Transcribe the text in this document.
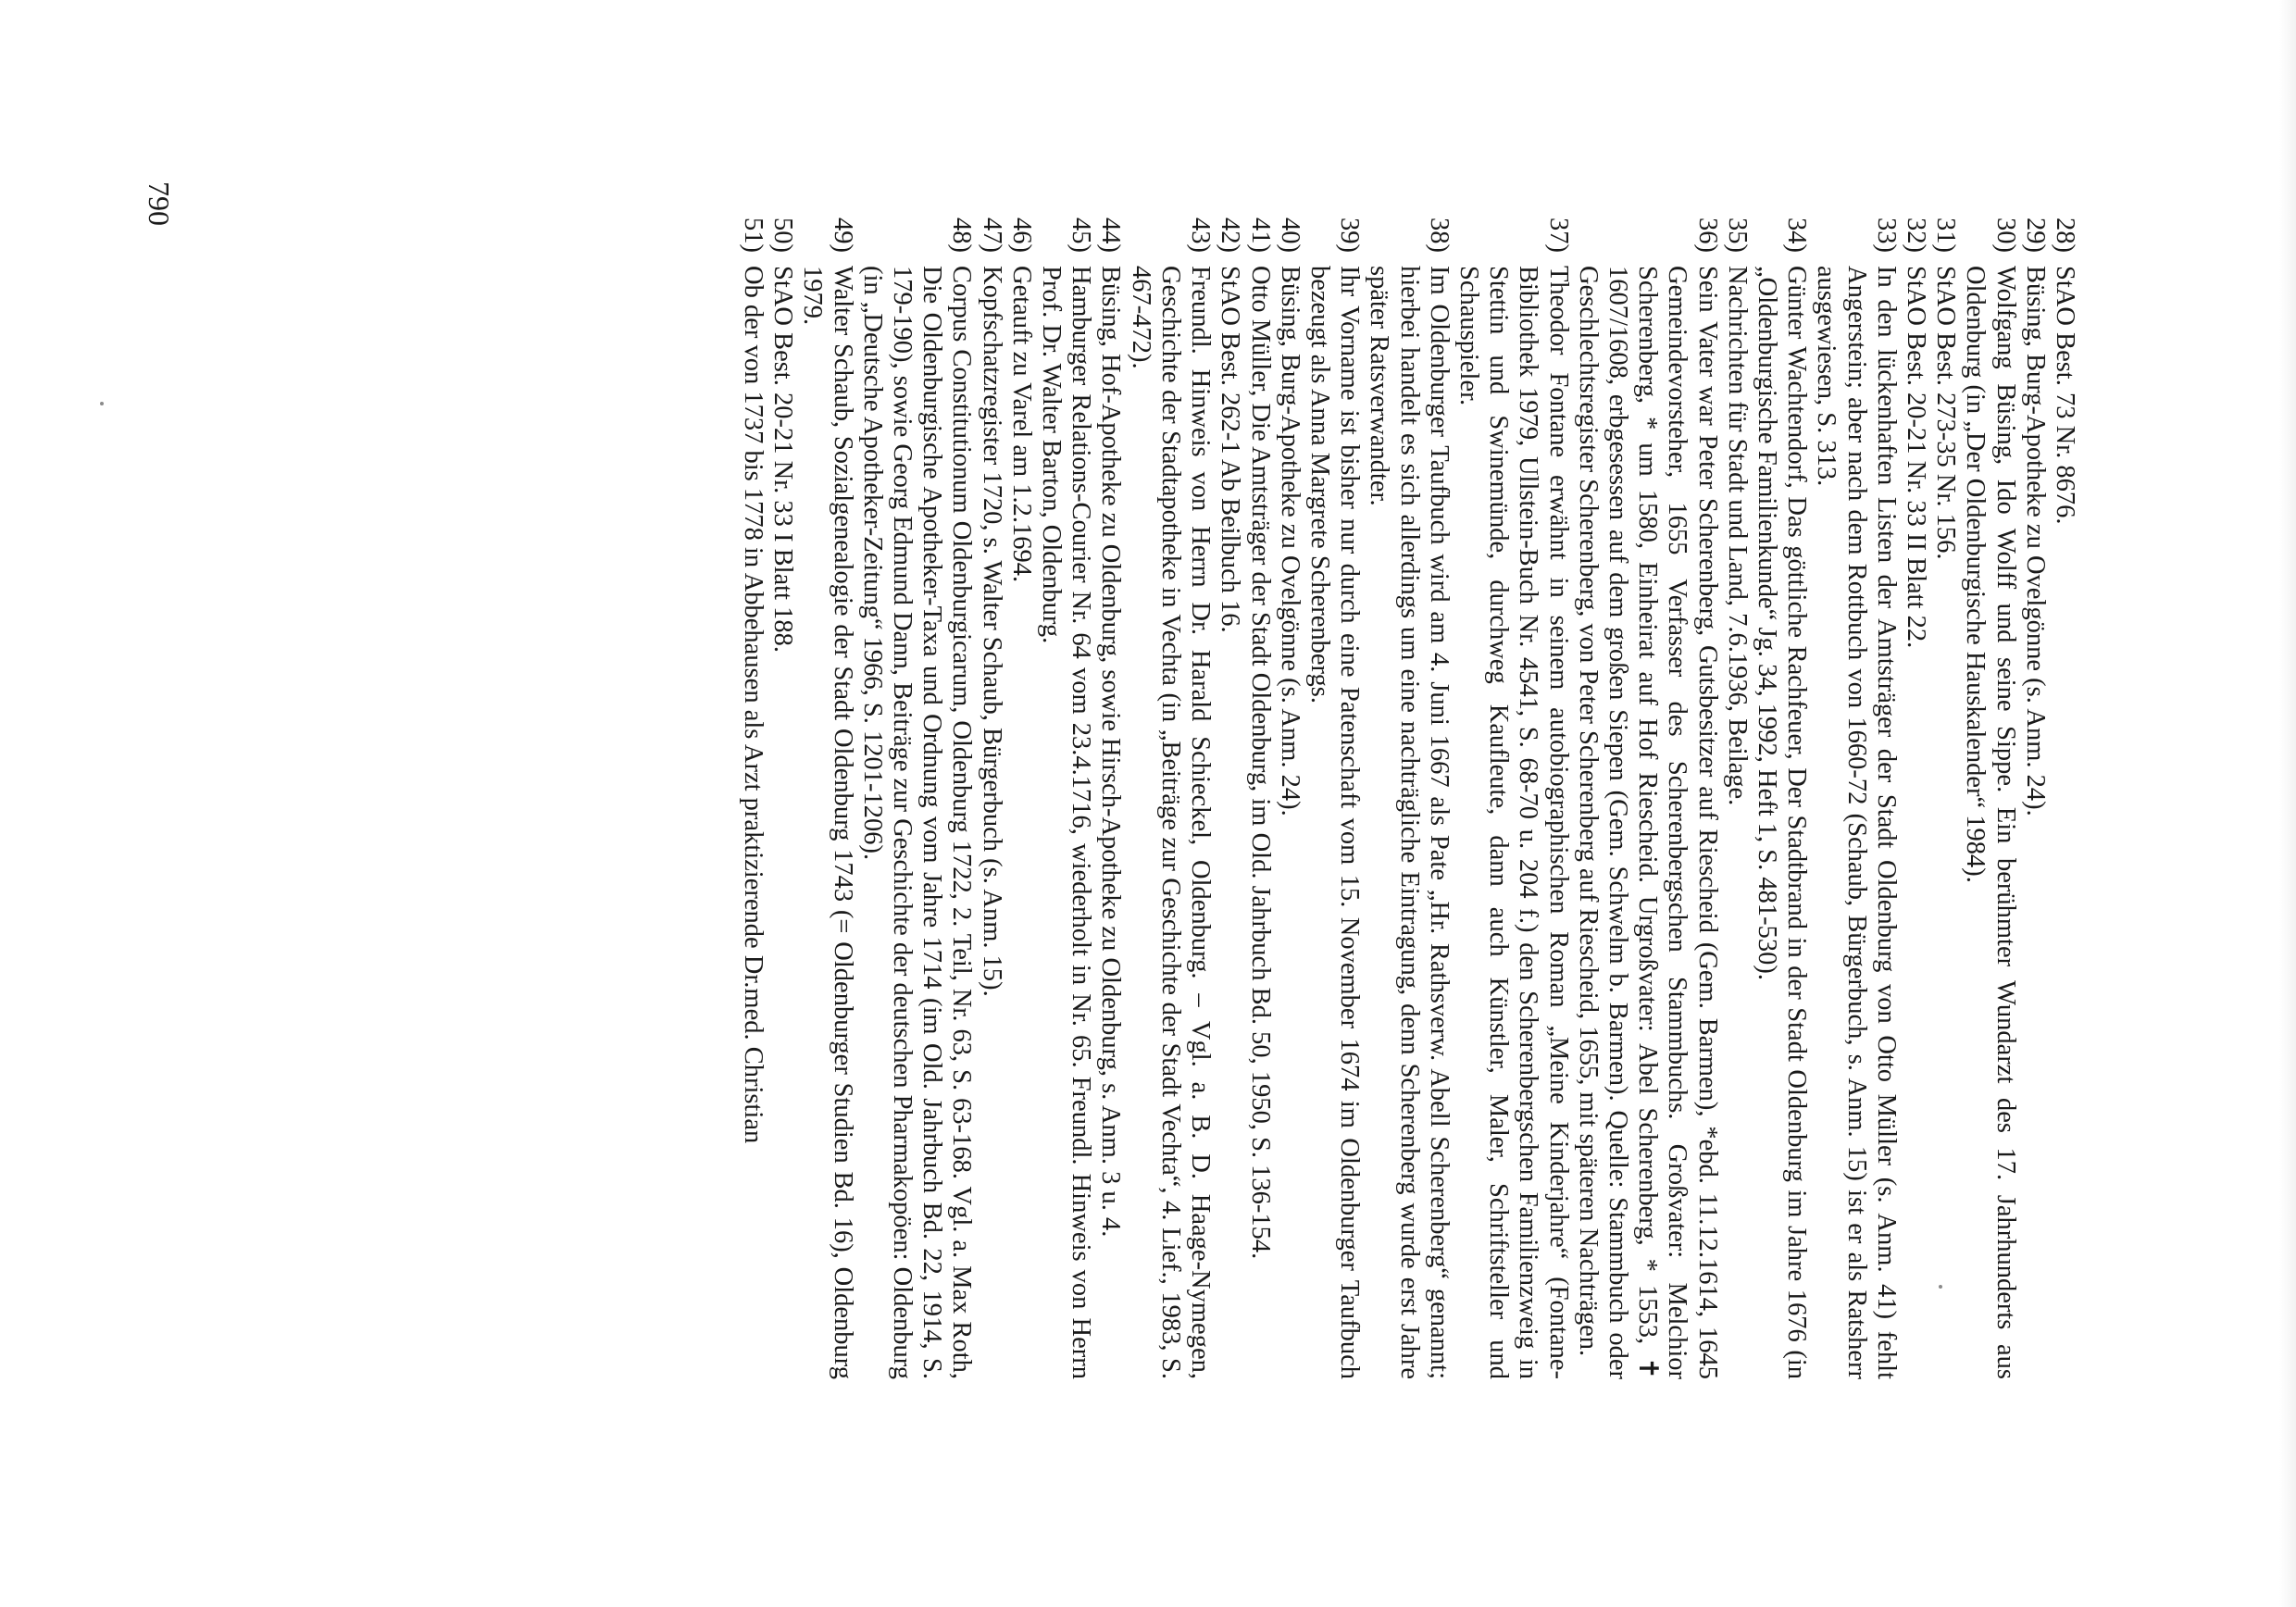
28)
StAO Best. 73 Nr. 8676.
29)
Büsing, Burg-Apotheke zu Ovelgönne (s. Anm. 24).
30)
Wolfgang Büsing, Ido Wolff und seine Sippe. Ein berühmter Wundarzt des 17. Jahrhunderts aus Oldenburg (in „Der Oldenburgische Hauskalender“ 1984).
31)
StAO Best. 273-35 Nr. 156.
32)
StAO Best. 20-21 Nr. 33 II Blatt 22.
33)
In den lückenhaften Listen der Amtsträger der Stadt Oldenburg von Otto Müller (s. Anm. 41) fehlt Angerstein; aber nach dem Rottbuch von 1660-72 (Schaub, Bürgerbuch, s. Anm. 15) ist er als Ratsherr ausgewiesen, S. 313.
34)
Günter Wachtendorf, Das göttliche Rachfeuer, Der Stadtbrand in der Stadt Oldenburg im Jahre 1676 (in „Oldenburgische Familienkunde“ Jg. 34, 1992, Heft 1, S. 481-530).
35)
Nachrichten für Stadt und Land, 7.6.1936, Beilage.
36)
Sein Vater war Peter Scherenberg, Gutsbesitzer auf Riescheid (Gem. Barmen), *ebd. 11.12.1614, 1645 Gemeindevorsteher, 1655 Verfasser des Scherenbergschen Stammbuchs. Großvater: Melchior Scherenberg, * um 1580, Einheirat auf Hof Riescheid. Urgroßvater: Abel Scherenberg, * 1553, ✝ 1607/1608, erbgesessen auf dem großen Siepen (Gem. Schwelm b. Barmen). Quelle: Stammbuch oder Geschlechtsregister Scherenberg, von Peter Scherenberg auf Riescheid, 1655, mit späteren Nachträgen.
37)
Theodor Fontane erwähnt in seinem autobiographischen Roman „Meine Kinderjahre“ (Fontane-Bibliothek 1979, Ullstein-Buch Nr. 4541, S. 68-70 u. 204 f.) den Scherenbergschen Familienzweig in Stettin und Swinemünde, durchweg Kaufleute, dann auch Künstler, Maler, Schriftsteller und Schauspieler.
38)
Im Oldenburger Taufbuch wird am 4. Juni 1667 als Pate „Hr. Rathsverw. Abell Scherenberg“ genannt; hierbei handelt es sich allerdings um eine nachträgliche Eintragung, denn Scherenberg wurde erst Jahre später Ratsverwandter.
39)
Ihr Vorname ist bisher nur durch eine Patenschaft vom 15. November 1674 im Oldenburger Taufbuch bezeugt als Anna Margrete Scherenbergs.
40)
Büsing, Burg-Apotheke zu Ovelgönne (s. Anm. 24).
41)
Otto Müller, Die Amtsträger der Stadt Oldenburg, im Old. Jahrbuch Bd. 50, 1950, S. 136-154.
42)
StAO Best. 262-1 Ab Beilbuch 16.
43)
Freundl. Hinweis von Herrn Dr. Harald Schieckel, Oldenburg. – Vgl. a. B. D. Haage-Nymegen, Geschichte der Stadtapotheke in Vechta (in „Beiträge zur Geschichte der Stadt Vechta“, 4. Lief., 1983, S. 467-472).
44)
Büsing, Hof-Apotheke zu Oldenburg, sowie Hirsch-Apotheke zu Oldenburg, s. Anm. 3 u. 4.
45)
Hamburger Relations-Courier Nr. 64 vom 23.4.1716, wiederholt in Nr. 65. Freundl. Hinweis von Herrn Prof. Dr. Walter Barton, Oldenburg.
46)
Getauft zu Varel am 1.2.1694.
47)
Kopfschatzregister 1720, s. Walter Schaub, Bürgerbuch (s. Anm. 15).
48)
Corpus Constitutionum Oldenburgicarum, Oldenburg 1722, 2. Teil, Nr. 63, S. 63-168. Vgl. a. Max Roth, Die Oldenburgische Apotheker-Taxa und Ordnung vom Jahre 1714 (im Old. Jahrbuch Bd. 22, 1914, S. 179-190), sowie Georg Edmund Dann, Beiträge zur Geschichte der deutschen Pharmakopöen: Oldenburg (in „Deutsche Apotheker-Zeitung“ 1966, S. 1201-1206).
49)
Walter Schaub, Sozialgenealogie der Stadt Oldenburg 1743 (= Oldenburger Studien Bd. 16), Oldenburg 1979.
50)
StAO Best. 20-21 Nr. 33 I Blatt 188.
51)
Ob der von 1737 bis 1778 in Abbehausen als Arzt praktizierende Dr.med. Christian
790
